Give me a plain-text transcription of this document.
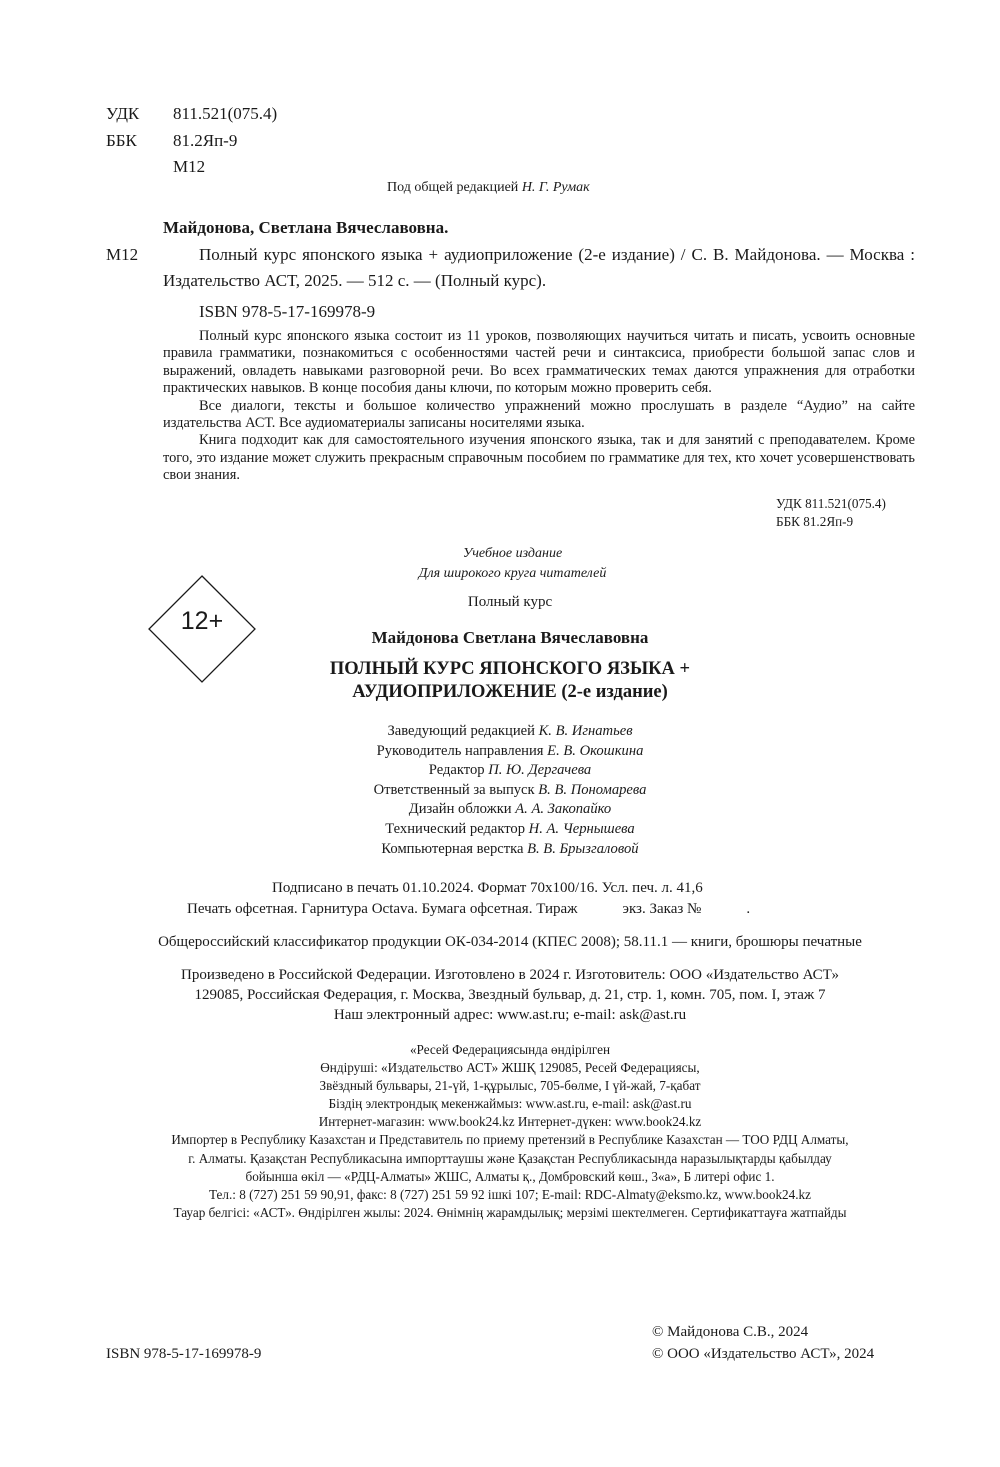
УДК 811.521(075.4)
ББК 81.2Яп-9
М12
Под общей редакцией Н. Г. Румак
Майдонова, Светлана Вячеславовна.
М12	Полный курс японского языка + аудиоприложение (2-е издание) / С. В. Майдонова. — Москва : Издательство АСТ, 2025. — 512 с. — (Полный курс).
ISBN 978-5-17-169978-9

Полный курс японского языка состоит из 11 уроков, позволяющих научиться читать и писать, усвоить основные правила грамматики, познакомиться с особенностями частей речи и синтаксиса, приобрести большой запас слов и выражений, овладеть навыками разговорной речи. Во всех грамматических темах даются упражнения для отработки практических навыков. В конце пособия даны ключи, по которым можно проверить себя.

Все диалоги, тексты и большое количество упражнений можно прослушать в разделе “Аудио” на сайте издательства АСТ. Все аудиоматериалы записаны носителями языка.

Книга подходит как для самостоятельного изучения японского языка, так и для занятий с преподавателем. Кроме того, это издание может служить прекрасным справочным пособием по грамматике для тех, кто хочет усовершенствовать свои знания.

УДК 811.521(075.4)
ББК 81.2Яп-9
Учебное издание
Для широкого круга читателей
12+
Полный курс
Майдонова Светлана Вячеславовна
ПОЛНЫЙ КУРС ЯПОНСКОГО ЯЗЫКА +
АУДИОПРИЛОЖЕНИЕ (2-е издание)
Заведующий редакцией К. В. Игнатьев
Руководитель направления Е. В. Окошкина
Редактор П. Ю. Дергачева
Ответственный за выпуск В. В. Пономарева
Дизайн обложки А. А. Закопайко
Технический редактор Н. А. Чернышева
Компьютерная верстка В. В. Брызгаловой
Подписано в печать 01.10.2024. Формат 70x100/16. Усл. печ. л. 41,6
Печать офсетная. Гарнитура Octava. Бумага офсетная. Тираж            экз. Заказ №            .
Общероссийский классификатор продукции ОК-034-2014 (КПЕС 2008); 58.11.1 — книги, брошюры печатные
Произведено в Российской Федерации. Изготовлено в 2024 г. Изготовитель: ООО «Издательство АСТ»
129085, Российская Федерация, г. Москва, Звездный бульвар, д. 21, стр. 1, комн. 705, пом. I, этаж 7
Наш электронный адрес: www.ast.ru; e-mail: ask@ast.ru
«Ресей Федерациясында өндірілген
Өндіруші: «Издательство АСТ» ЖШҚ 129085, Ресей Федерациясы,
Звёздный бульвары, 21-үй, 1-құрылыс, 705-бөлме, I үй-жай, 7-қабат
Біздің электрондық мекенжаймыз: www.ast.ru, e-mail: ask@ast.ru
Интернет-магазин: www.book24.kz Интернет-дүкен: www.book24.kz
Импортер в Республику Казахстан и Представитель по приему претензий в Республике Казахстан — ТОО РДЦ Алматы,
г. Алматы. Қазақстан Республикасына импорттаушы және Қазақстан Республикасында наразылықтарды қабылдау
бойынша өкіл — «РДЦ-Алматы» ЖШС, Алматы қ., Домбровский көш., 3«а», Б литері офис 1.
Тел.: 8 (727) 251 59 90,91, факс: 8 (727) 251 59 92 ішкі 107; E-mail: RDC-Almaty@eksmo.kz, www.book24.kz
Тауар белгісі: «АСТ». Өндірілген жылы: 2024. Өнімнің жарамдылық; мерзімі шектелмеген. Сертификаттауға жатпайды
ISBN 978-5-17-169978-9
© Майдонова С.В., 2024
© ООО «Издательство АСТ», 2024
